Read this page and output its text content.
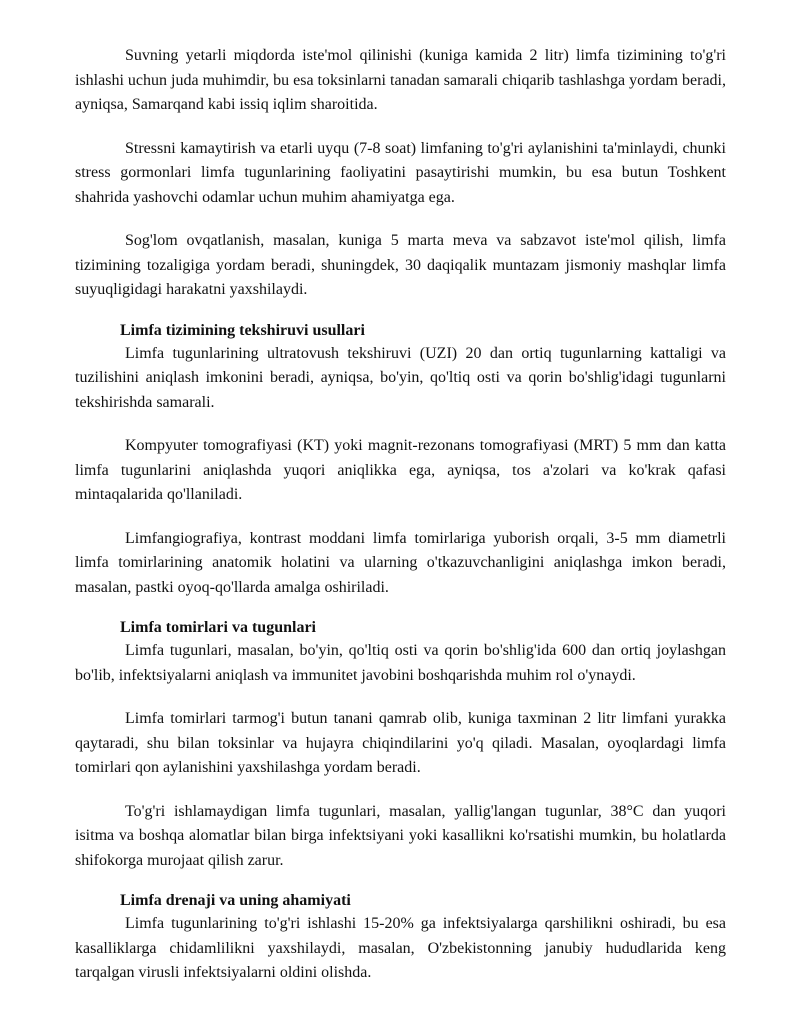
Suvning yetarli miqdorda iste'mol qilinishi (kuniga kamida 2 litr) limfa tizimining to'g'ri ishlashi uchun juda muhimdir, bu esa toksinlarni tanadan samarali chiqarib tashlashga yordam beradi, ayniqsa, Samarqand kabi issiq iqlim sharoitida.

Stressni kamaytirish va etarli uyqu (7-8 soat) limfaning to'g'ri aylanishini ta'minlaydi, chunki stress gormonlari limfa tugunlarining faoliyatini pasaytirishi mumkin, bu esa butun Toshkent shahrida yashovchi odamlar uchun muhim ahamiyatga ega.

Sog'lom ovqatlanish, masalan, kuniga 5 marta meva va sabzavot iste'mol qilish, limfa tizimining tozaligiga yordam beradi, shuningdek, 30 daqiqalik muntazam jismoniy mashqlar limfa suyuqligidagi harakatni yaxshilaydi.

Limfa tizimining tekshiruvi usullari

Limfa tugunlarining ultratovush tekshiruvi (UZI) 20 dan ortiq tugunlarning kattaligi va tuzilishini aniqlash imkonini beradi, ayniqsa, bo'yin, qo'ltiq osti va qorin bo'shlig'idagi tugunlarni tekshirishda samarali.

Kompyuter tomografiyasi (KT) yoki magnit-rezonans tomografiyasi (MRT) 5 mm dan katta limfa tugunlarini aniqlashda yuqori aniqlikka ega, ayniqsa, tos a'zolari va ko'krak qafasi mintaqalarida qo'llaniladi.

Limfangiografiya, kontrast moddani limfa tomirlariga yuborish orqali, 3-5 mm diametrli limfa tomirlarining anatomik holatini va ularning o'tkazuvchanligini aniqlashga imkon beradi, masalan, pastki oyoq-qo'llarda amalga oshiriladi.

Limfa tomirlari va tugunlari

Limfa tugunlari, masalan, bo'yin, qo'ltiq osti va qorin bo'shlig'ida 600 dan ortiq joylashgan bo'lib, infektsiyalarni aniqlash va immunitet javobini boshqarishda muhim rol o'ynaydi.

Limfa tomirlari tarmog'i butun tanani qamrab olib, kuniga taxminan 2 litr limfani yurakka qaytaradi, shu bilan toksinlar va hujayra chiqindilarini yo'q qiladi. Masalan, oyoqlardagi limfa tomirlari qon aylanishini yaxshilashga yordam beradi.

To'g'ri ishlamaydigan limfa tugunlari, masalan, yallig'langan tugunlar, 38°C dan yuqori isitma va boshqa alomatlar bilan birga infektsiyani yoki kasallikni ko'rsatishi mumkin, bu holatlarda shifokorga murojaat qilish zarur.

Limfa drenaji va uning ahamiyati

Limfa tugunlarining to'g'ri ishlashi 15-20% ga infektsiyalarga qarshilikni oshiradi, bu esa kasalliklarga chidamlilikni yaxshilaydi, masalan, O'zbekistonning janubiy hududlarida keng tarqalgan virusli infektsiyalarni oldini olishda.
